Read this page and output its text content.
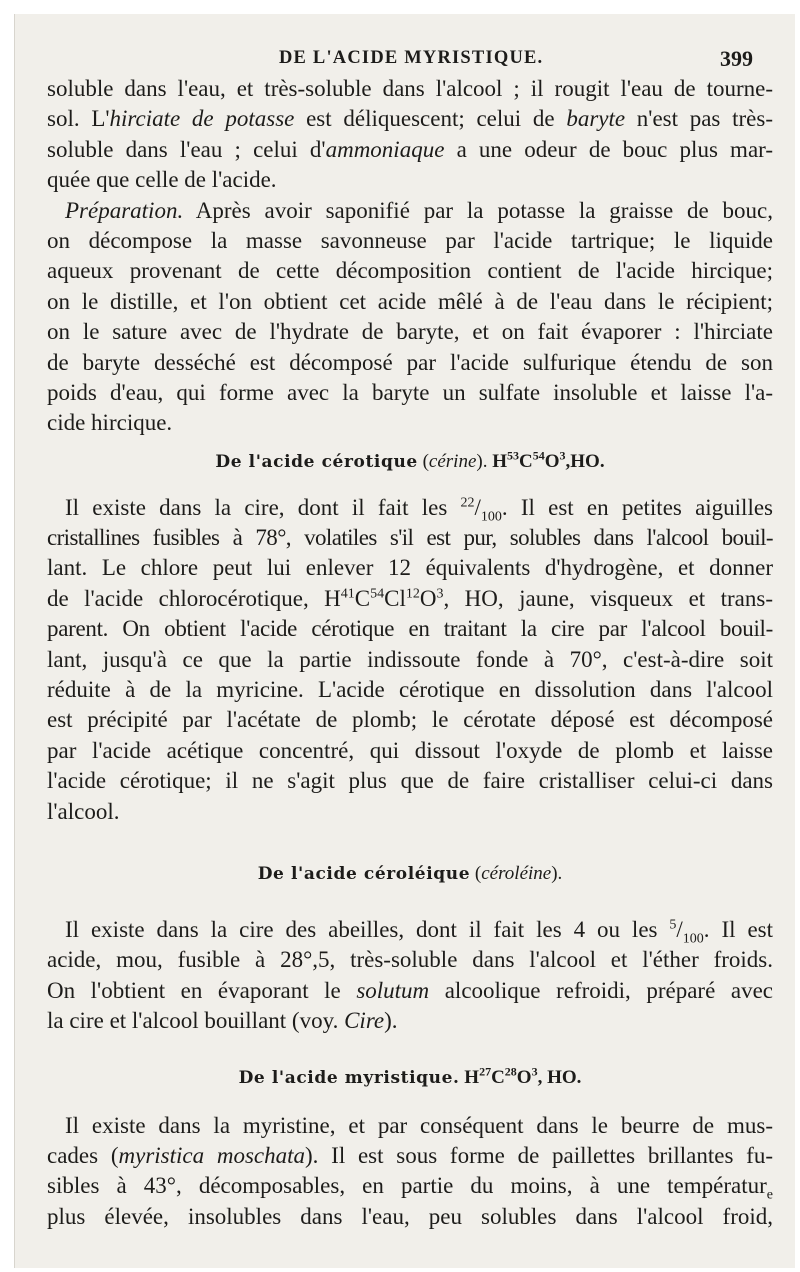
DE L'ACIDE MYRISTIQUE.	399
soluble dans l'eau, et très-soluble dans l'alcool ; il rougit l'eau de tourne-
sol. L'hirciate de potasse est déliquescent; celui de baryte n'est pas très-
soluble dans l'eau ; celui d'ammoniaque a une odeur de bouc plus mar-
quée que celle de l'acide.
Préparation. Après avoir saponifié par la potasse la graisse de bouc,
on décompose la masse savonneuse par l'acide tartrique; le liquide
aqueux provenant de cette décomposition contient de l'acide hircique;
on le distille, et l'on obtient cet acide mêlé à de l'eau dans le récipient;
on le sature avec de l'hydrate de baryte, et on fait évaporer : l'hirciate
de baryte desséché est décomposé par l'acide sulfurique étendu de son
poids d'eau, qui forme avec la baryte un sulfate insoluble et laisse l'a-
cide hircique.
De l'acide cérotique (cérine). $H^{53}C^{54}O^3,HO$.
Il existe dans la cire, dont il fait les $^{22}/_{100}$. Il est en petites aiguilles
cristallines fusibles à 78°, volatiles s'il est pur, solubles dans l'alcool bouil-
lant. Le chlore peut lui enlever 12 équivalents d'hydrogène, et donner
de l'acide chlorocérotique, $H^{41}C^{54}Cl^{12}O^3$, HO, jaune, visqueux et trans-
parent. On obtient l'acide cérotique en traitant la cire par l'alcool bouil-
lant, jusqu'à ce que la partie indissoute fonde à 70°, c'est-à-dire soit
réduite à de la myricine. L'acide cérotique en dissolution dans l'alcool
est précipité par l'acétate de plomb; le cérotate déposé est décomposé
par l'acide acétique concentré, qui dissout l'oxyde de plomb et laisse
l'acide cérotique; il ne s'agit plus que de faire cristalliser celui-ci dans
l'alcool.
De l'acide céroléique (céroléine).
Il existe dans la cire des abeilles, dont il fait les 4 ou les $^5/_{100}$. Il est
acide, mou, fusible à 28°,5, très-soluble dans l'alcool et l'éther froids.
On l'obtient en évaporant le solutum alcoolique refroidi, préparé avec
la cire et l'alcool bouillant (voy. Cire).
De l'acide myristique. $H^{27}C^{28}O^3$, HO.
Il existe dans la myristine, et par conséquent dans le beurre de mus-
cades (myristica moschata). Il est sous forme de paillettes brillantes fu-
sibles à 43°, décomposables, en partie du moins, à une températur$_e$
plus élevée, insolubles dans l'eau, peu solubles dans l'alcool froid,
